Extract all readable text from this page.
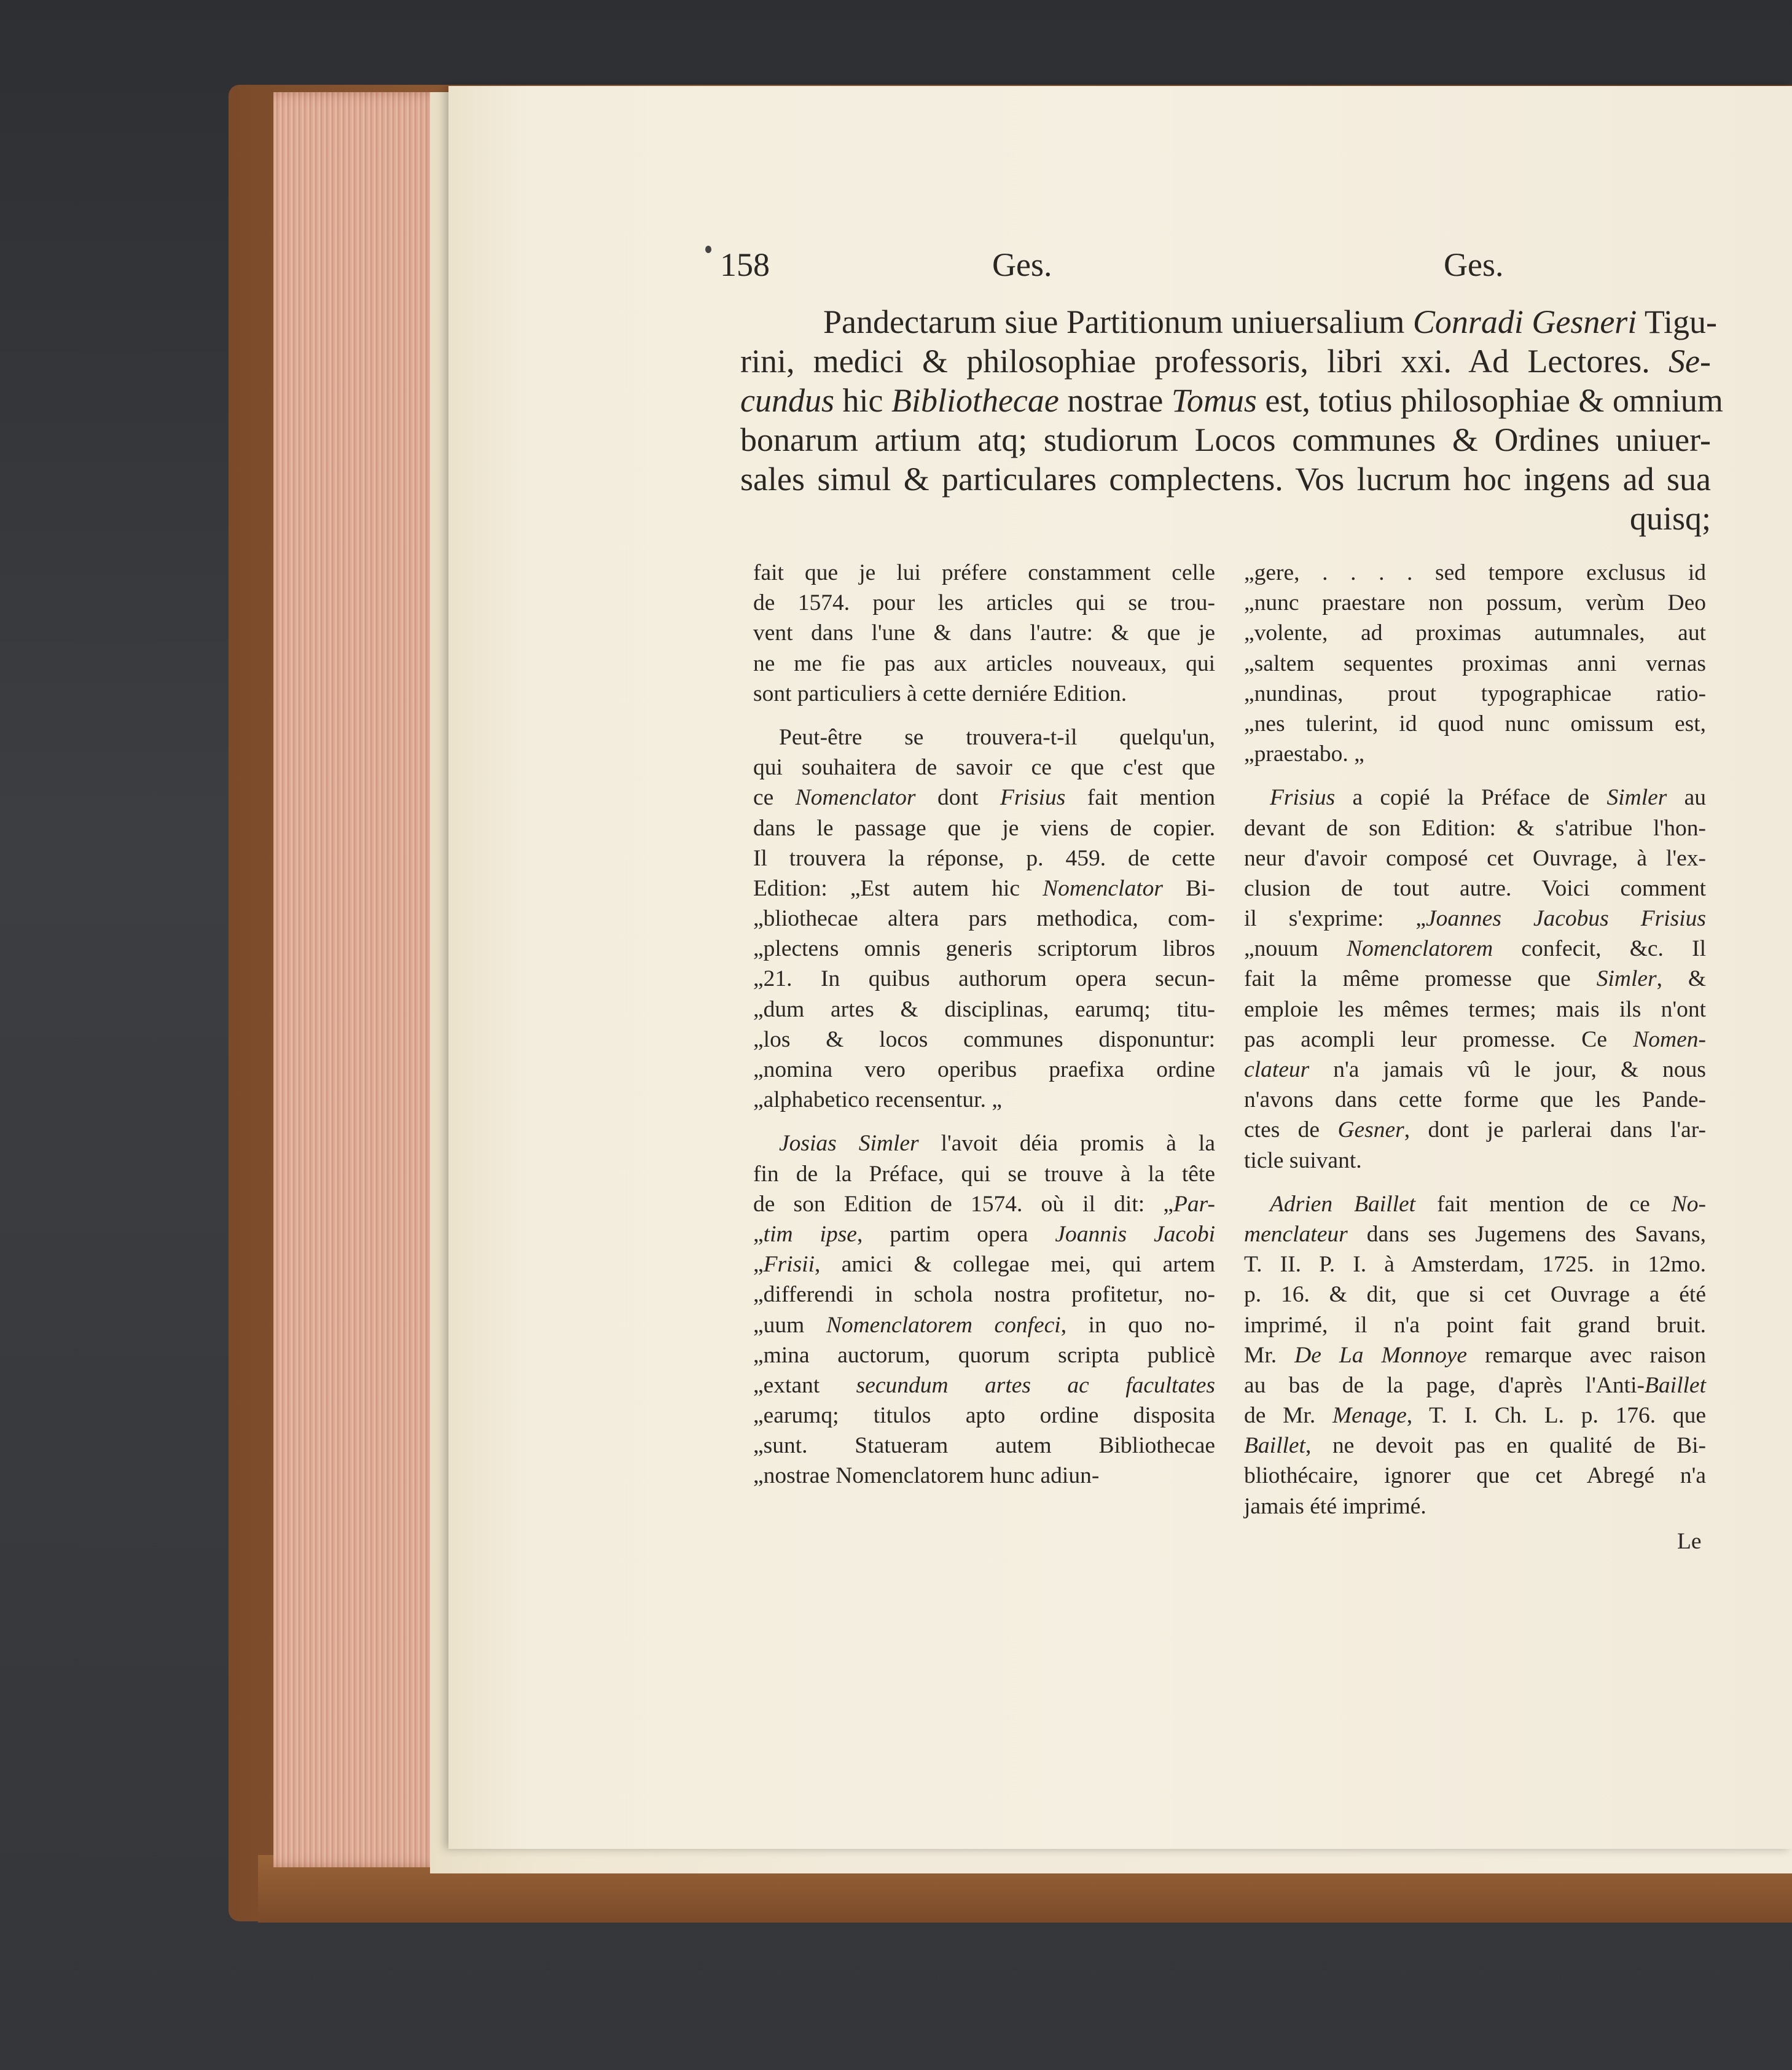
158	Ges.	Ges.
Pandectarum siue Partitionum uniuersalium Conradi Gesneri Tigu-
rini, medici & philosophiae professoris, libri xxi. Ad Lectores. Se-
cundus hic Bibliothecae nostrae Tomus est, totius philosophiae & omnium
bonarum artium atq; studiorum Locos communes & Ordines uniuer-
sales simul & particulares complectens. Vos lucrum hoc ingens ad sua
quisq;
fait que je lui préfere constamment celle
de 1574. pour les articles qui se trou-
vent dans l'une & dans l'autre: & que je
ne me fie pas aux articles nouveaux, qui
sont particuliers à cette derniére Edition.
Peut-être se trouvera-t-il quelqu'un,
qui souhaitera de savoir ce que c'est que
ce Nomenclator dont Frisius fait mention
dans le passage que je viens de copier.
Il trouvera la réponse, p. 459. de cette
Edition: „Est autem hic Nomenclator Bi-
„bliothecae altera pars methodica, com-
„plectens omnis generis scriptorum libros
„21. In quibus authorum opera secun-
„dum artes & disciplinas, earumq; titu-
„los & locos communes disponuntur:
„nomina vero operibus praefixa ordine
„alphabetico recensentur. „
Josias Simler l'avoit déia promis à la
fin de la Préface, qui se trouve à la tête
de son Edition de 1574. où il dit: „Par-
„tim ipse, partim opera Joannis Jacobi
„Frisii, amici & collegae mei, qui artem
„differendi in schola nostra profitetur, no-
„uum Nomenclatorem confeci, in quo no-
„mina auctorum, quorum scripta publicè
„extant secundum artes ac facultates
„earumq; titulos apto ordine disposita
„sunt. Statueram autem Bibliothecae
„nostrae Nomenclatorem hunc adiun-
„gere, . . . . sed tempore exclusus id
„nunc praestare non possum, verùm Deo
„volente, ad proximas autumnales, aut
„saltem sequentes proximas anni vernas
„nundinas, prout typographicae ratio-
„nes tulerint, id quod nunc omissum est,
„praestabo. „
Frisius a copié la Préface de Simler au
devant de son Edition: & s'atribue l'hon-
neur d'avoir composé cet Ouvrage, à l'ex-
clusion de tout autre. Voici comment
il s'exprime: „Joannes Jacobus Frisius
„nouum Nomenclatorem confecit, &c. Il
fait la même promesse que Simler, &
emploie les mêmes termes; mais ils n'ont
pas acompli leur promesse. Ce Nomen-
clateur n'a jamais vû le jour, & nous
n'avons dans cette forme que les Pande-
ctes de Gesner, dont je parlerai dans l'ar-
ticle suivant.
Adrien Baillet fait mention de ce No-
menclateur dans ses Jugemens des Savans,
T. II. P. I. à Amsterdam, 1725. in 12mo.
p. 16. & dit, que si cet Ouvrage a été
imprimé, il n'a point fait grand bruit.
Mr. De La Monnoye remarque avec raison
au bas de la page, d'après l'Anti-Baillet
de Mr. Menage, T. I. Ch. L. p. 176. que
Baillet, ne devoit pas en qualité de Bi-
bliothécaire, ignorer que cet Abregé n'a
jamais été imprimé.
Le
